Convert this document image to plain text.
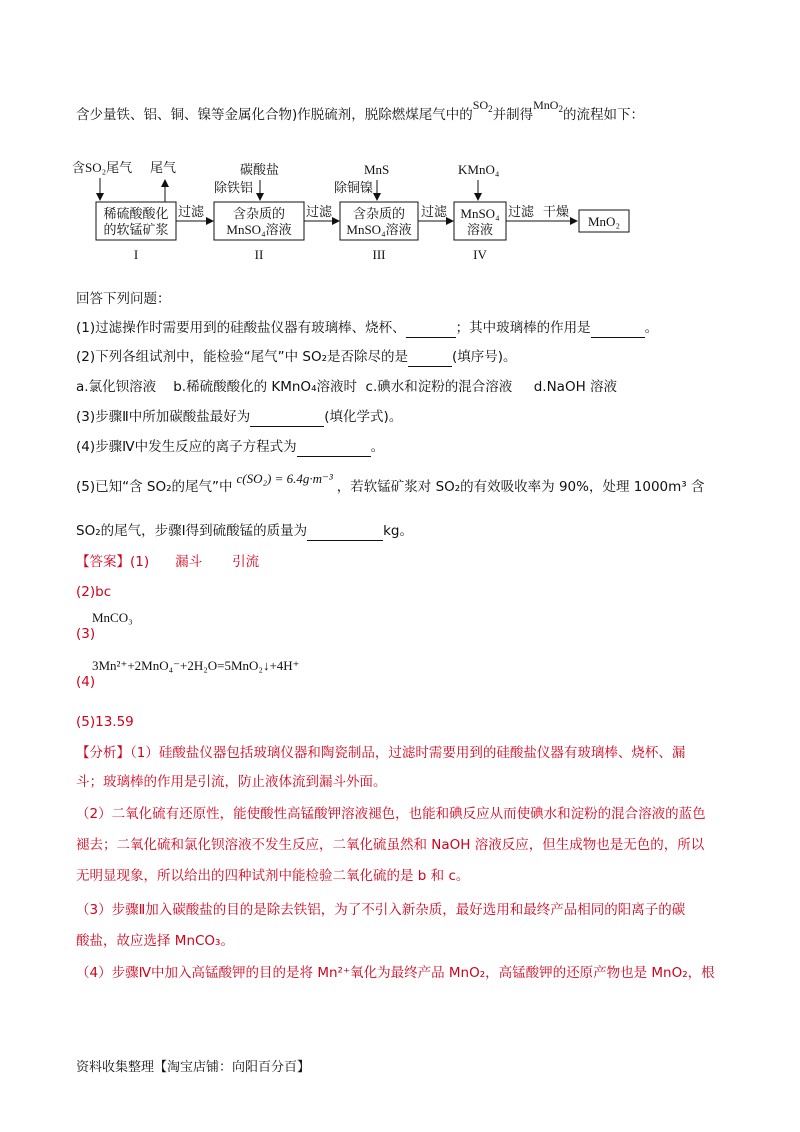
含少量铁、铝、铜、镍等金属化合物)作脱硫剂，脱除燃煤尾气中的$SO_2$并制得MnO$_2$的流程如下：
含SO₂尾气 尾气
稀硫酸酸化
的软锰矿浆
过滤
I
碳酸盐
除铁铝
含杂质的
MnSO₄溶液
过滤
II
MnS
除铜镍
含杂质的
MnSO₄溶液
过滤
III
KMnO₄
MnSO₄
溶液
过滤 干燥
IV
MnO₂
回答下列问题：
(1)过滤操作时需要用到的硅酸盐仪器有玻璃棒、烧杯、	；其中玻璃棒的作用是	。
(2)下列各组试剂中，能检验“尾气”中 SO₂是否除尽的是	(填序号)。
a.氯化钡溶液    b.稀硫酸酸化的 KMnO₄溶液时  c.碘水和淀粉的混合溶液     d.NaOH 溶液
(3)步骤Ⅱ中所加碳酸盐最好为	(填化学式)。
(4)步骤Ⅳ中发生反应的离子方程式为	。
(5)已知“含 SO₂的尾气”中c(SO₂) = 6.4g·m⁻³，若软锰矿浆对 SO₂的有效吸收率为 90%，处理 1000m³ 含
SO₂的尾气，步骤Ⅰ得到硫酸锰的质量为	kg。
【答案】(1) 漏斗 引流
(2)bc
(3)
MnCO₃
(4)
3Mn²⁺+2MnO₄⁻+2H₂O=5MnO₂↓+4H⁺
(5)13.59
【分析】（1）硅酸盐仪器包括玻璃仪器和陶瓷制品，过滤时需要用到的硅酸盐仪器有玻璃棒、烧杯、漏
斗；玻璃棒的作用是引流，防止液体流到漏斗外面。
（2）二氧化硫有还原性，能使酸性高锰酸钾溶液褪色，也能和碘反应从而使碘水和淀粉的混合溶液的蓝色
褪去；二氧化硫和氯化钡溶液不发生反应，二氧化硫虽然和 NaOH 溶液反应，但生成物也是无色的，所以
无明显现象，所以给出的四种试剂中能检验二氧化硫的是 b 和 c。
（3）步骤Ⅱ加入碳酸盐的目的是除去铁铝，为了不引入新杂质，最好选用和最终产品相同的阳离子的碳
酸盐，故应选择 MnCO₃。
（4）步骤Ⅳ中加入高锰酸钾的目的是将 Mn²⁺氧化为最终产品 MnO₂，高锰酸钾的还原产物也是 MnO₂，根
资料收集整理【淘宝店铺：向阳百分百】
